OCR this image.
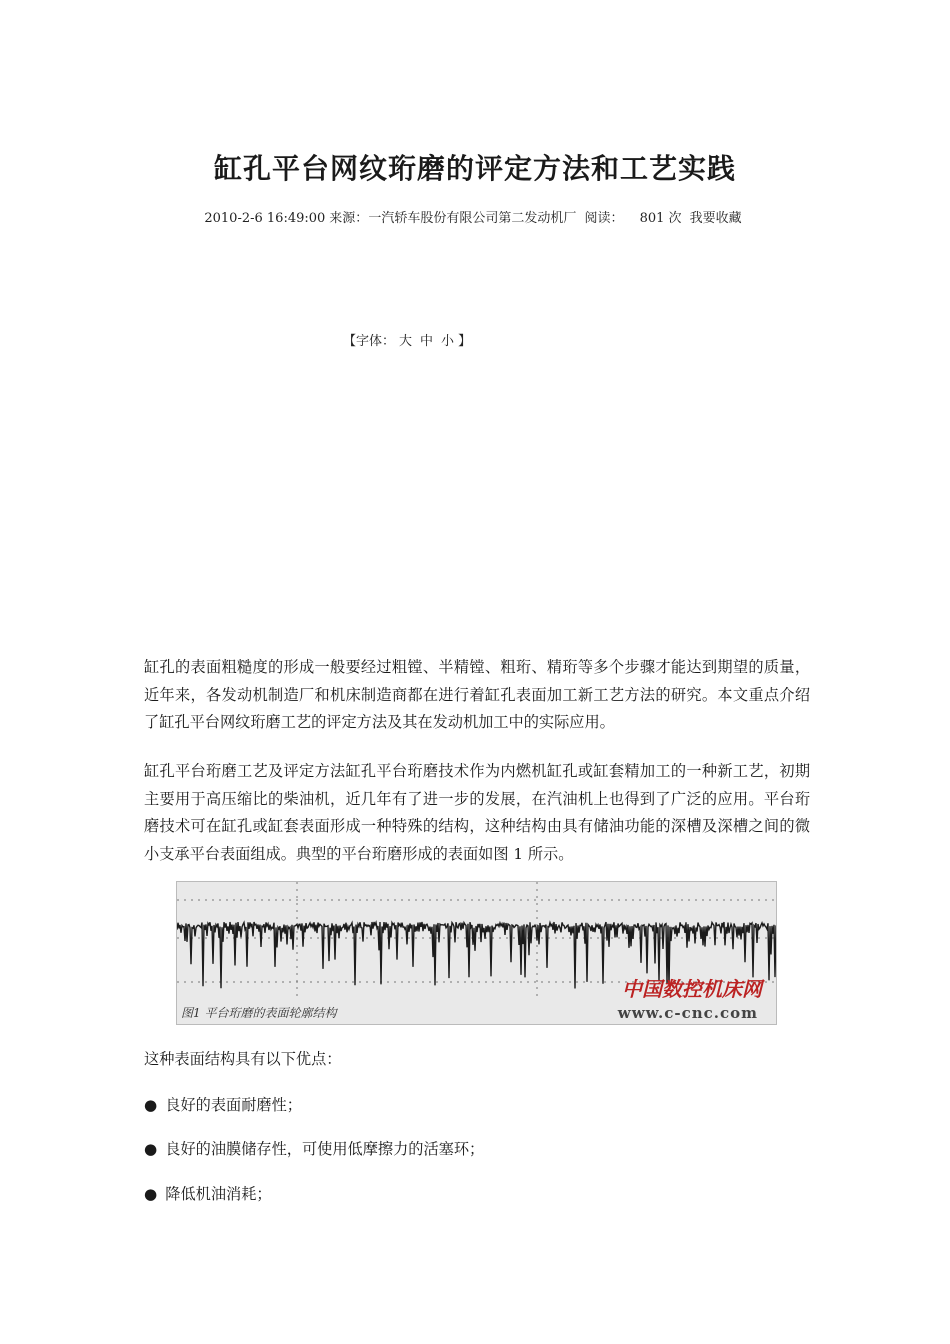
缸孔平台网纹珩磨的评定方法和工艺实践
2010-2-6 16:49:00 来源：一汽轿车股份有限公司第二发动机厂 阅读： 801 次 我要收藏
【字体： 大 中 小 】

缸孔的表面粗糙度的形成一般要经过粗镗、半精镗、粗珩、精珩等多个步骤才能达到期望的质量，近年来，各发动机制造厂和机床制造商都在进行着缸孔表面加工新工艺方法的研究。本文重点介绍了缸孔平台网纹珩磨工艺的评定方法及其在发动机加工中的实际应用。

缸孔平台珩磨工艺及评定方法缸孔平台珩磨技术作为内燃机缸孔或缸套精加工的一种新工艺，初期主要用于高压缩比的柴油机，近几年有了进一步的发展，在汽油机上也得到了广泛的应用。平台珩磨技术可在缸孔或缸套表面形成一种特殊的结构，这种结构由具有储油功能的深槽及深槽之间的微小支承平台表面组成。典型的平台珩磨形成的表面如图 1 所示。

图1 平台珩磨的表面轮廓结构
中国数控机床网
www.c-cnc.com

这种表面结构具有以下优点：

● 良好的表面耐磨性；
● 良好的油膜储存性，可使用低摩擦力的活塞环；
● 降低机油消耗；
